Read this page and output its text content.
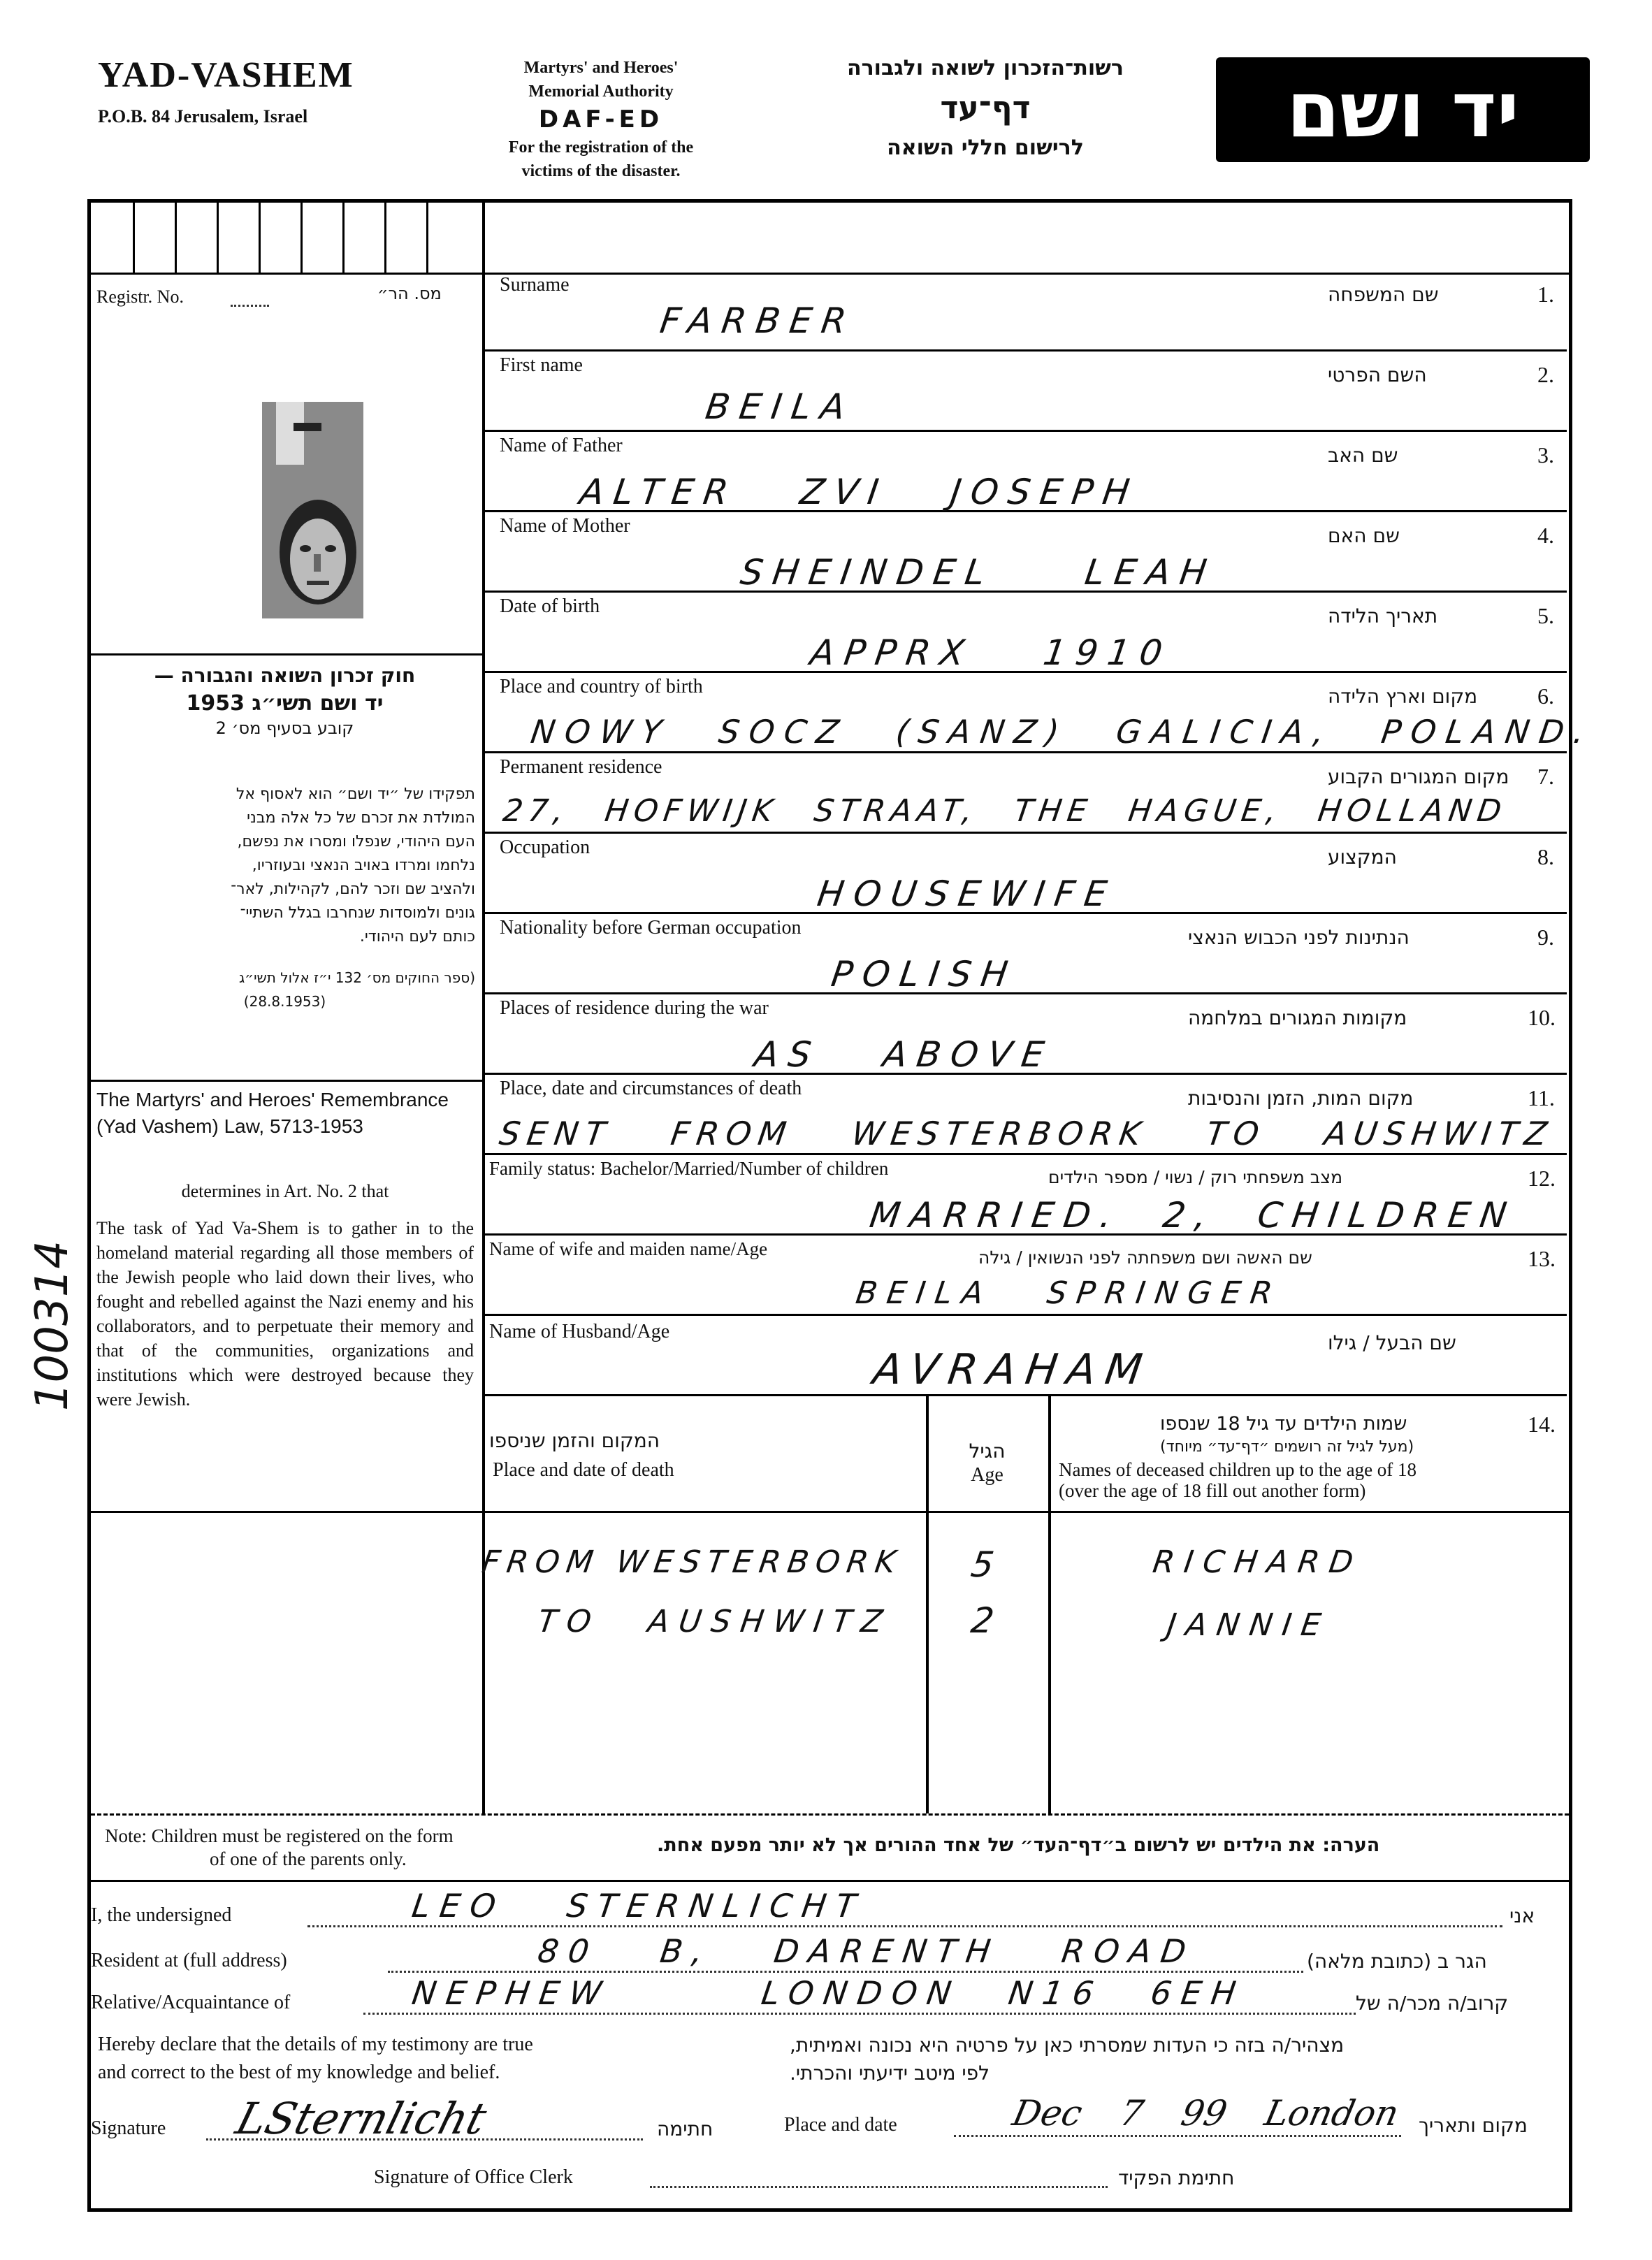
YAD-VASHEM
P.O.B. 84 Jerusalem, Israel
Martyrs' and Heroes'
Memorial Authority
DAF-ED
For the registration of the
victims of the disaster.
רשות־הזכרון לשואה ולגבורה
דף־עד
לרישום חללי השואה	יד ושם
Registr. No.	מס. הר״

חוק זכרון השואה והגבורה —

יד ושם תשי״ג 1953

קובע בסעיף מס׳ 2

תפקידו של ״יד ושם״ הוא לאסוף אל

המולדת את זכרם של כל אלה מבני

העם היהודי, שנפלו ומסרו את נפשם,

נלחמו ומרדו באויב הנאצי ובעוזריו,

ולהציב שם וזכר להם, לקהילות, לאר־

גונים ולמוסדות שנחרבו בגלל השתיי־

כותם לעם היהודי.

(ספר החוקים מס׳ 132 י״ז אלול תשי״ג

(28.8.1953)

The Martyrs' and Heroes' Remembrance (Yad Vashem) Law, 5713-1953
determines in Art. No. 2 that
The task of Yad Va-Shem is to gather in to the homeland material regarding all those members of the Jewish people who laid down their lives, who fought and rebelled against the Nazi enemy and his collaborators, and to perpetuate their memory and that of the communities, organizations and institutions which were destroyed because they were Jewish.
100314
Surname	שם המשפחה	1.
FARBER
First name	השם הפרטי	2.
BEILA
Name of Father	שם האב	3.
ALTER ZVI JOSEPH
Name of Mother	שם האם	4.
SHEINDEL LEAH
Date of birth	תאריך הלידה	5.
APPRX 1910
Place and country of birth	מקום וארץ הלידה	6.
NOWY SOCZ (SANZ) GALICIA, POLAND.
Permanent residence	מקום המגורים הקבוע	7.
27, HOFWIJK STRAAT, THE HAGUE, HOLLAND
Occupation	המקצוע	8.
HOUSEWIFE
Nationality before German occupation	הנתינות לפני הכבוש הנאצי	9.
POLISH
Places of residence during the war	מקומות המגורים במלחמה	10.
AS ABOVE
Place, date and circumstances of death	מקום המות, הזמן והנסיבות	11.
SENT FROM WESTERBORK TO AUSHWITZ
Family status: Bachelor/Married/Number of children	מצב משפחתי רוק / נשוי / מספר הילדים	12.
MARRIED. 2, CHILDREN
Name of wife and maiden name/Age	שם האשה ושם משפחתה לפני הנשואין / גילה	13.
BEILA SPRINGER
Name of Husband/Age	שם הבעל / גילו
AVRAHAM
14.
שמות הילדים עד גיל 18 שנספו
(מעל לגיל זה רושמים ״דף־עד״ מיוחד)
Names of deceased children up to the age of 18
(over the age of 18 fill out another form)
הגיל
Age
המקום והזמן שניספו
Place and date of death
FROM WESTERBORK 5	RICHARD
TO AUSHWITZ 2	JANNIE
Note: Children must be registered on the form
of one of the parents only.
הערה: את הילדים יש לרשום ב״דף־העד״ של אחד ההורים אך לא יותר מפעם אחת.
I, the undersigned	LEO STERNLICHT	אני
Resident at (full address)	80 B, DARENTH ROAD	הגר ב (כתובת מלאה)
Relative/Acquaintance of	NEPHEW	LONDON N16 6EH	קרוב/ה מכר/ה של
Hereby declare that the details of my testimony are true
and correct to the best of my knowledge and belief.
מצהיר/ה בזה כי העדות שמסרתי כאן על פרטיה היא נכונה ואמיתית,
לפי מיטב ידיעתי והכרתי.
Signature LSternlicht	חתימה	Place and date	Dec 7 99 London מקום ותאריך
Signature of Office Clerk	חתימת הפקיד
